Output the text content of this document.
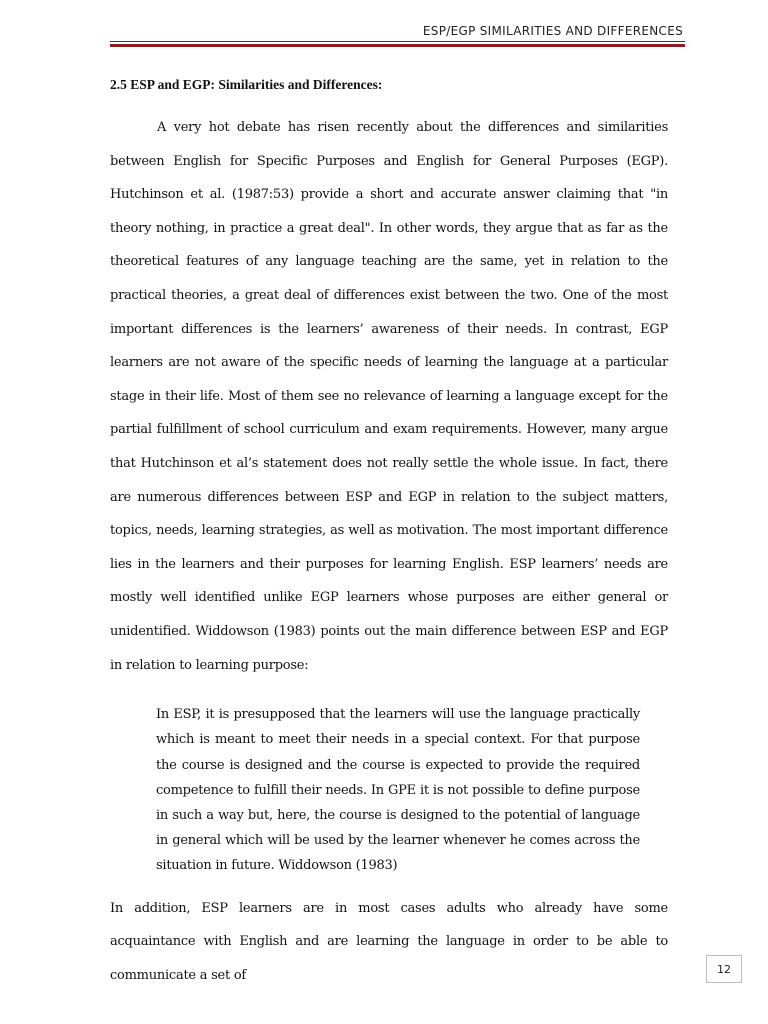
ESP/EGP SIMILARITIES AND DIFFERENCES
2.5 ESP and EGP: Similarities and Differences:

A very hot debate has risen recently about the differences and similarities between English for Specific Purposes and English for General Purposes (EGP). Hutchinson et al. (1987:53) provide a short and accurate answer claiming that "in theory nothing, in practice a great deal". In other words, they argue that as far as the theoretical features of any language teaching are the same, yet in relation to the practical theories, a great deal of differences exist between the two. One of the most important differences is the learners’ awareness of their needs. In contrast, EGP learners are not aware of the specific needs of learning the language at a particular stage in their life. Most of them see no relevance of learning a language except for the partial fulfillment of school curriculum and exam requirements. However, many argue that Hutchinson et al’s statement does not really settle the whole issue. In fact, there are numerous differences between ESP and EGP in relation to the subject matters, topics, needs, learning strategies, as well as motivation. The most important difference lies in the learners and their purposes for learning English. ESP learners’ needs are mostly well identified unlike EGP learners whose purposes are either general or unidentified. Widdowson (1983) points out the main difference between ESP and EGP in relation to learning purpose:

In ESP, it is presupposed that the learners will use the language practically which is meant to meet their needs in a special context. For that purpose the course is designed and the course is expected to provide the required competence to fulfill their needs. In GPE it is not possible to define purpose in such a way but, here, the course is designed to the potential of language in general which will be used by the learner whenever he comes across the situation in future. Widdowson (1983)

In addition, ESP learners are in most cases adults who already have some acquaintance with English and are learning the language in order to be able to communicate a set of	12
